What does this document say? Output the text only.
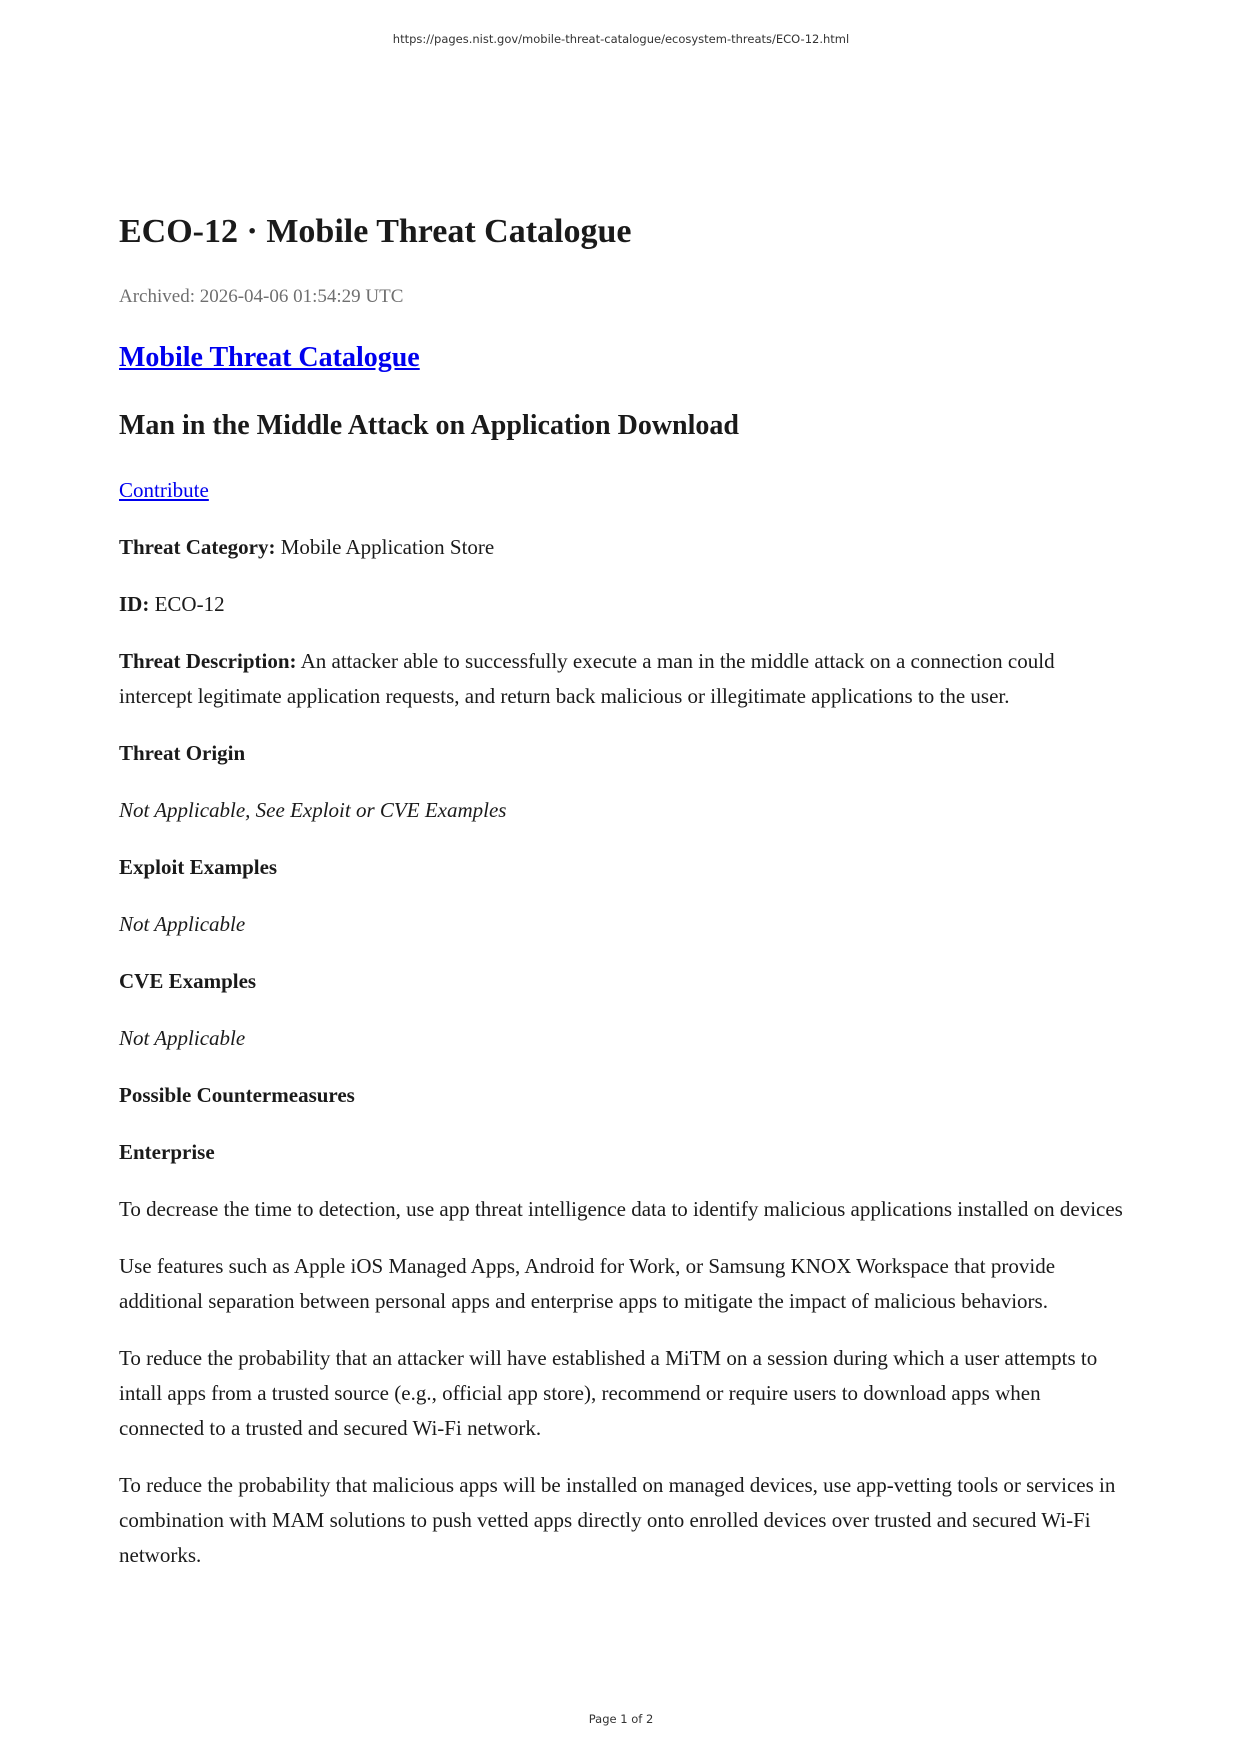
https://pages.nist.gov/mobile-threat-catalogue/ecosystem-threats/ECO-12.html
ECO-12 · Mobile Threat Catalogue

Archived: 2026-04-06 01:54:29 UTC

Mobile Threat Catalogue
Man in the Middle Attack on Application Download

Contribute

Threat Category: Mobile Application Store

ID: ECO-12

Threat Description: An attacker able to successfully execute a man in the middle attack on a connection could intercept legitimate application requests, and return back malicious or illegitimate applications to the user.

Threat Origin

Not Applicable, See Exploit or CVE Examples

Exploit Examples

Not Applicable

CVE Examples

Not Applicable

Possible Countermeasures

Enterprise

To decrease the time to detection, use app threat intelligence data to identify malicious applications installed on devices

Use features such as Apple iOS Managed Apps, Android for Work, or Samsung KNOX Workspace that provide additional separation between personal apps and enterprise apps to mitigate the impact of malicious behaviors.

To reduce the probability that an attacker will have established a MiTM on a session during which a user attempts to intall apps from a trusted source (e.g., official app store), recommend or require users to download apps when connected to a trusted and secured Wi-Fi network.

To reduce the probability that malicious apps will be installed on managed devices, use app-vetting tools or services in combination with MAM solutions to push vetted apps directly onto enrolled devices over trusted and secured Wi-Fi networks.

Page 1 of 2
